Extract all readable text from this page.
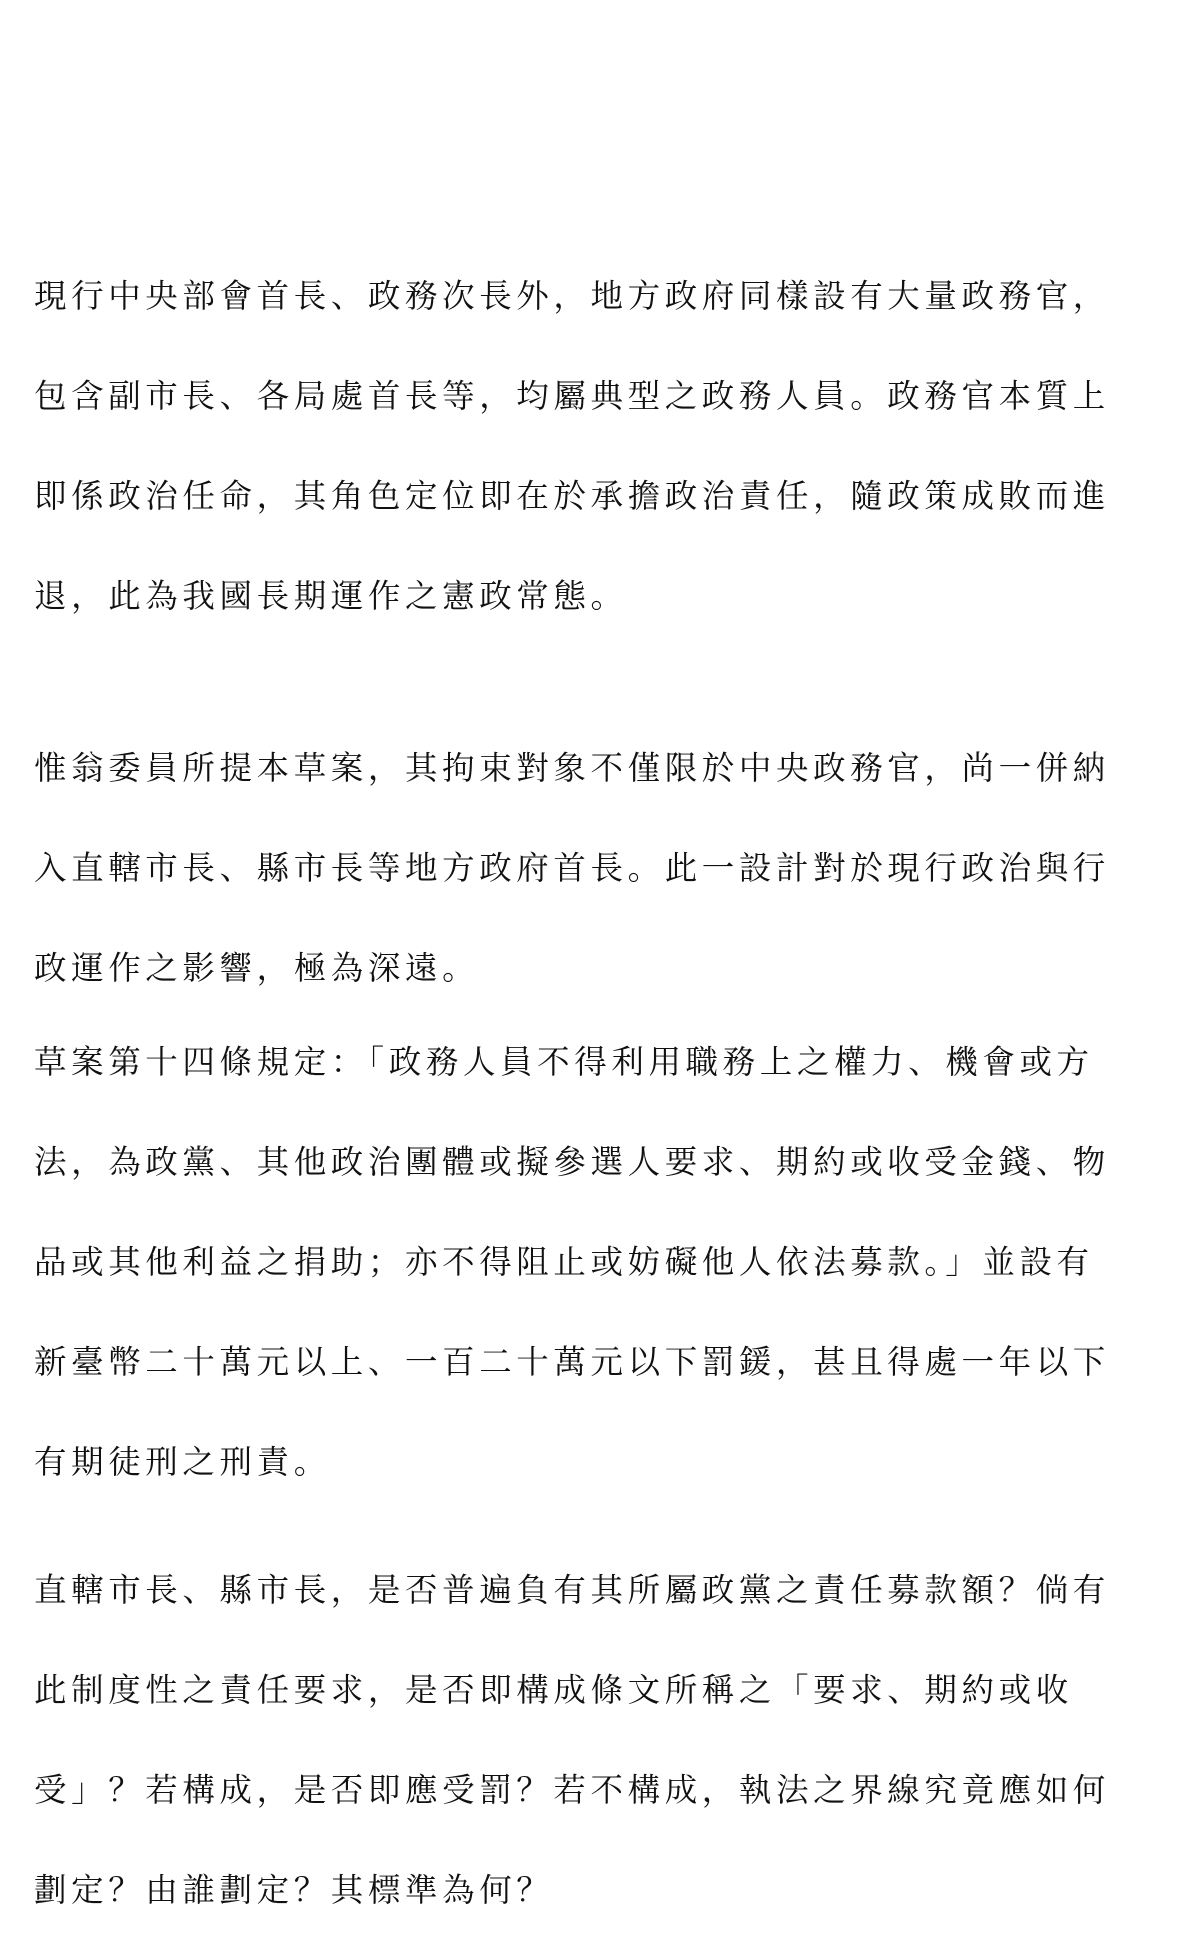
現行中央部會首長、政務次長外，地方政府同樣設有大量政務官，
包含副市長、各局處首長等，均屬典型之政務人員。政務官本質上
即係政治任命，其角色定位即在於承擔政治責任，隨政策成敗而進
退，此為我國長期運作之憲政常態。
惟翁委員所提本草案，其拘束對象不僅限於中央政務官，尚一併納
入直轄市長、縣市長等地方政府首長。此一設計對於現行政治與行
政運作之影響，極為深遠。
草案第十四條規定：「政務人員不得利用職務上之權力、機會或方
法，為政黨、其他政治團體或擬參選人要求、期約或收受金錢、物
品或其他利益之捐助；亦不得阻止或妨礙他人依法募款。」並設有
新臺幣二十萬元以上、一百二十萬元以下罰鍰，甚且得處一年以下
有期徒刑之刑責。
直轄市長、縣市長，是否普遍負有其所屬政黨之責任募款額？倘有
此制度性之責任要求，是否即構成條文所稱之「要求、期約或收
受」？若構成，是否即應受罰？若不構成，執法之界線究竟應如何
劃定？由誰劃定？其標準為何？
